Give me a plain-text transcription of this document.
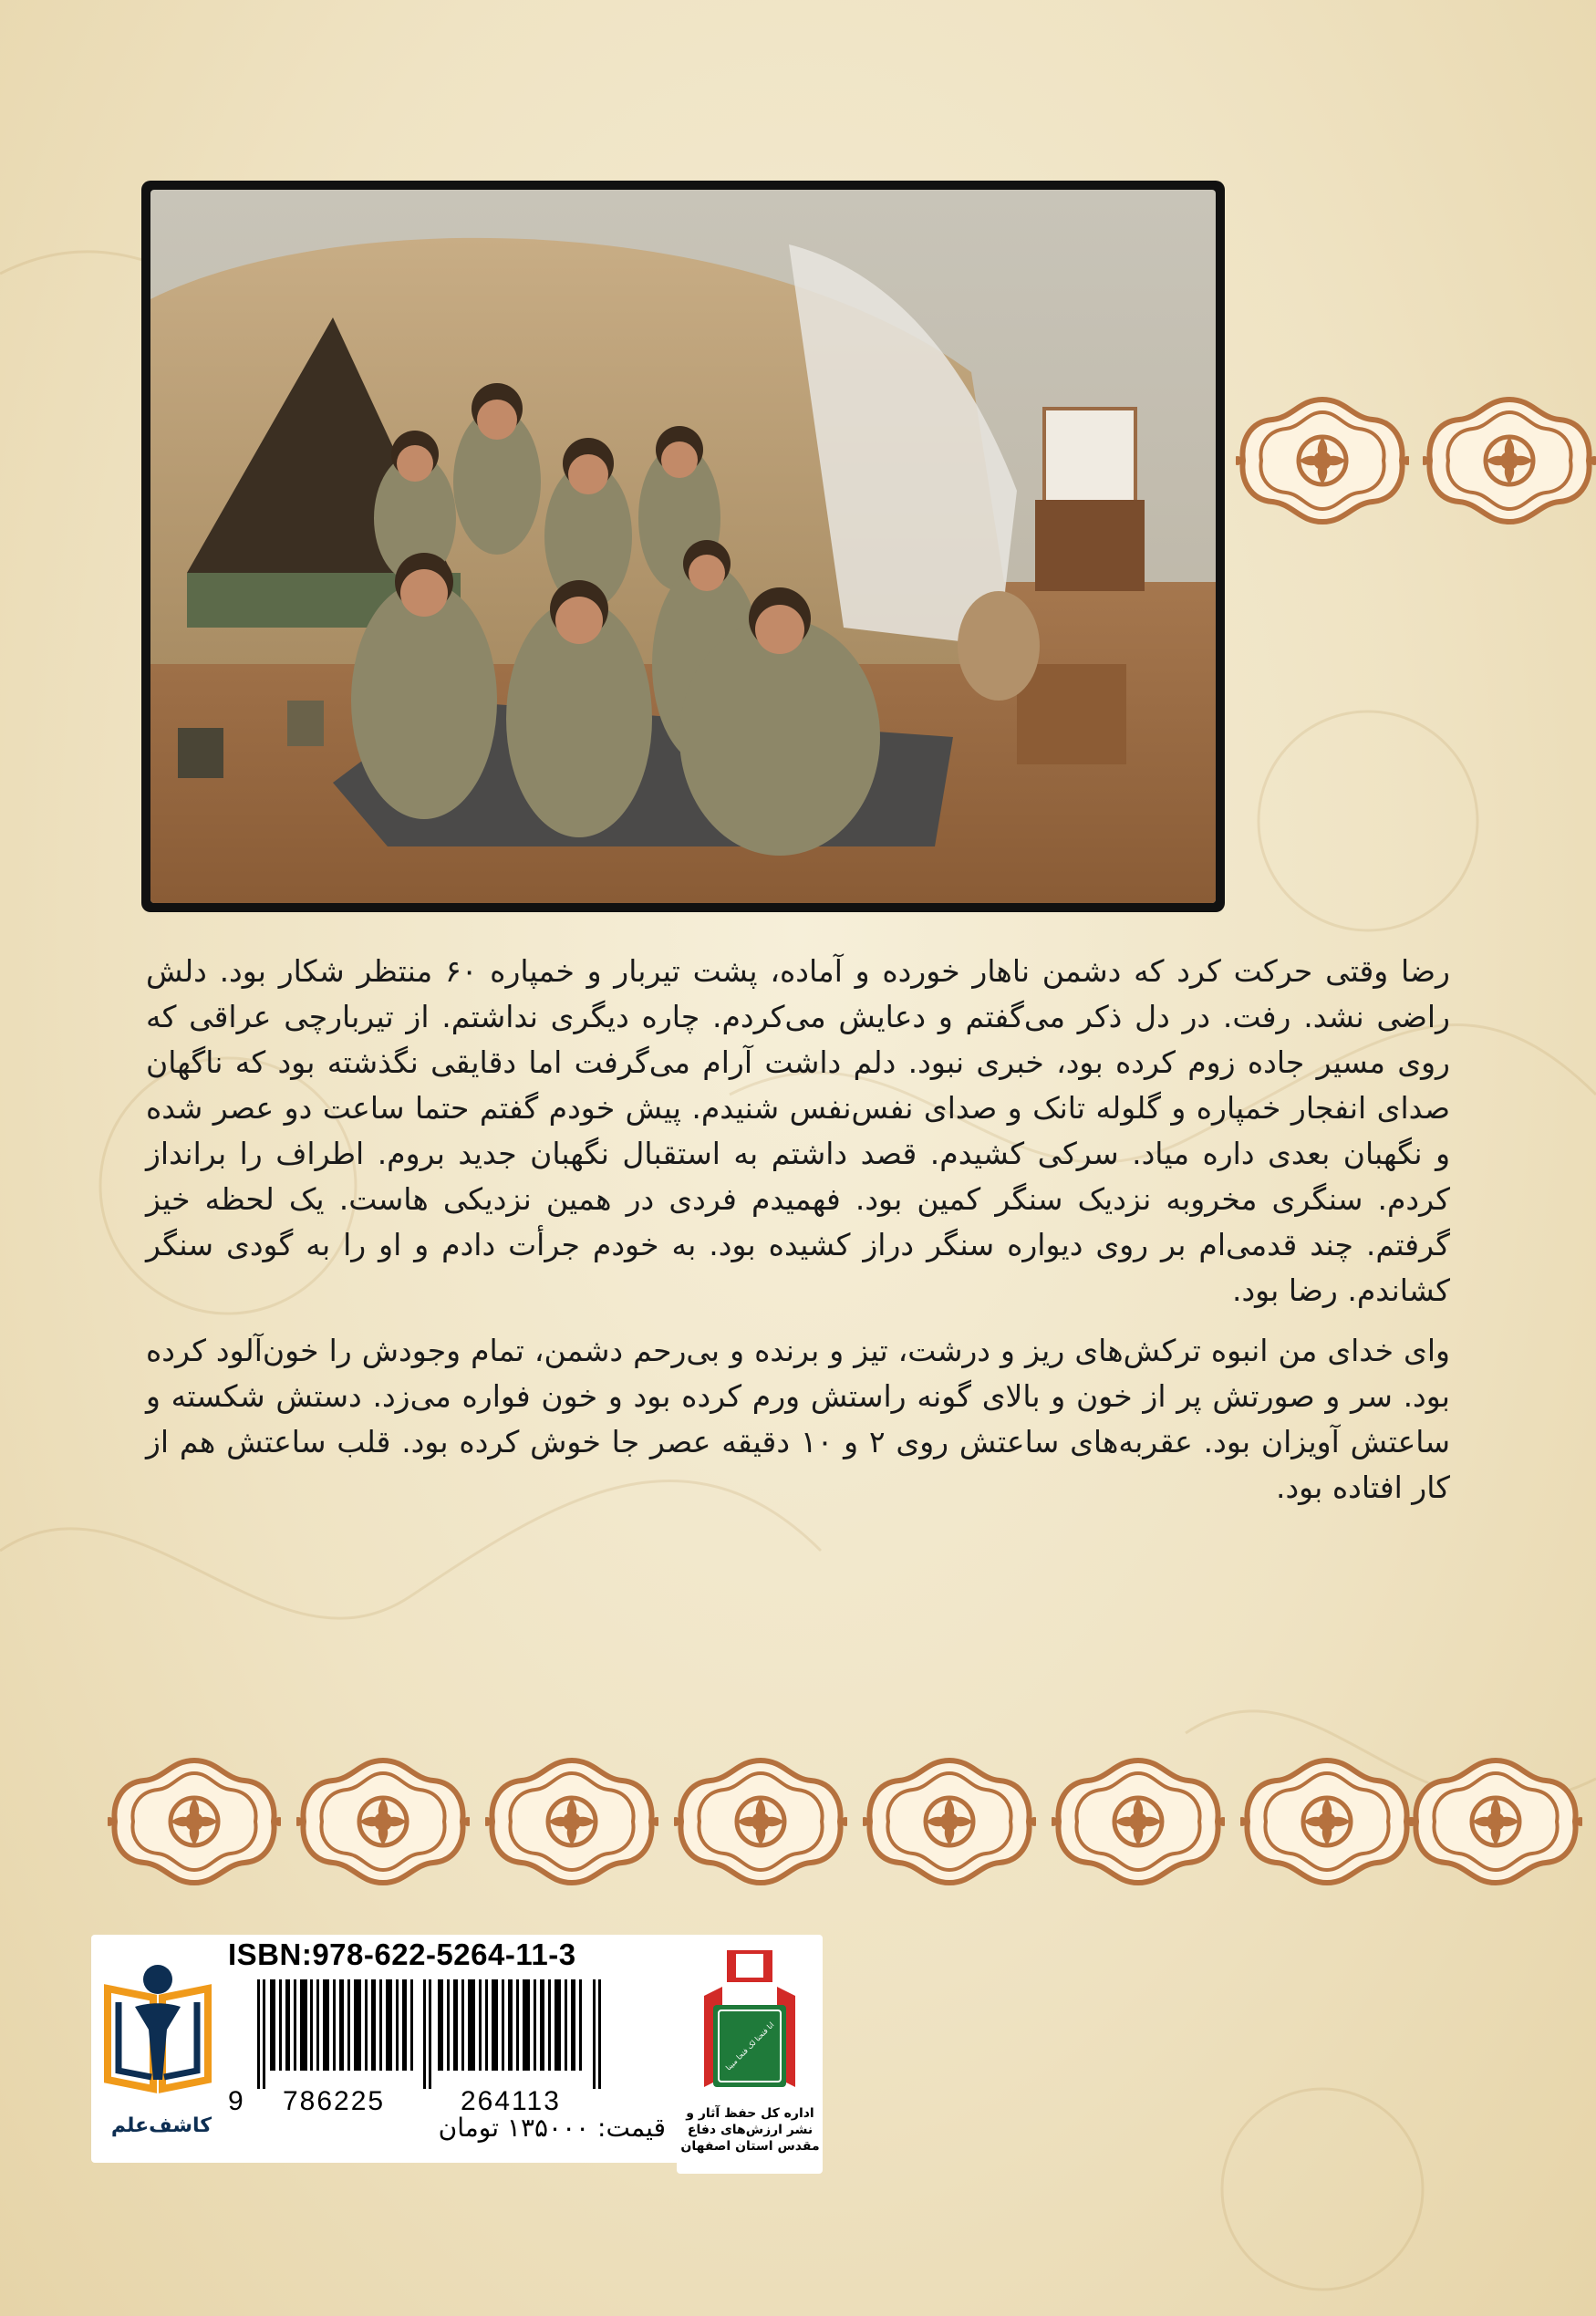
رضا وقتی حرکت کرد که دشمن ناهار خورده و آماده، پشت تیربار و خمپاره ۶۰ منتظر شکار بود. دلش راضی نشد. رفت. در دل ذکر می‌گفتم و دعایش می‌کردم. چاره دیگری نداشتم. از تیربارچی عراقی که روی مسیر جاده زوم کرده بود، خبری نبود. دلم داشت آرام می‌گرفت اما دقایقی نگذشته بود که ناگهان صدای انفجار خمپاره و گلوله تانک و صدای نفس‌نفس شنیدم. پیش خودم گفتم حتما ساعت دو عصر شده و نگهبان بعدی داره میاد. سرکی کشیدم. قصد داشتم به استقبال نگهبان جدید بروم. اطراف را برانداز کردم. سنگری مخروبه نزدیک سنگر کمین بود. فهمیدم فردی در همین نزدیکی هاست. یک لحظه خیز گرفتم. چند قدمی‌ام بر روی دیواره سنگر دراز کشیده بود. به خودم جرأت دادم و او را به گودی سنگر کشاندم. رضا بود.

وای خدای من انبوه ترکش‌های ریز و درشت، تیز و برنده و بی‌رحم دشمن، تمام وجودش را خون‌آلود کرده بود. سر و صورتش پر از خون و بالای گونه راستش ورم کرده بود و خون فواره می‌زد. دستش شکسته و ساعتش آویزان بود. عقربه‌های ساعتش روی ۲ و ۱۰ دقیقه عصر جا خوش کرده بود. قلب ساعتش هم از کار افتاده بود.

کاشف‌علم
ISBN:978-622-5264-11-3
9 786225	264113
قیمت: ۱۳۵۰۰۰ تومان
انا فتحنا لک فتحا مبینا
اداره کل حفظ آثار و نشر ارزش‌های دفاع مقدس استان اصفهان
